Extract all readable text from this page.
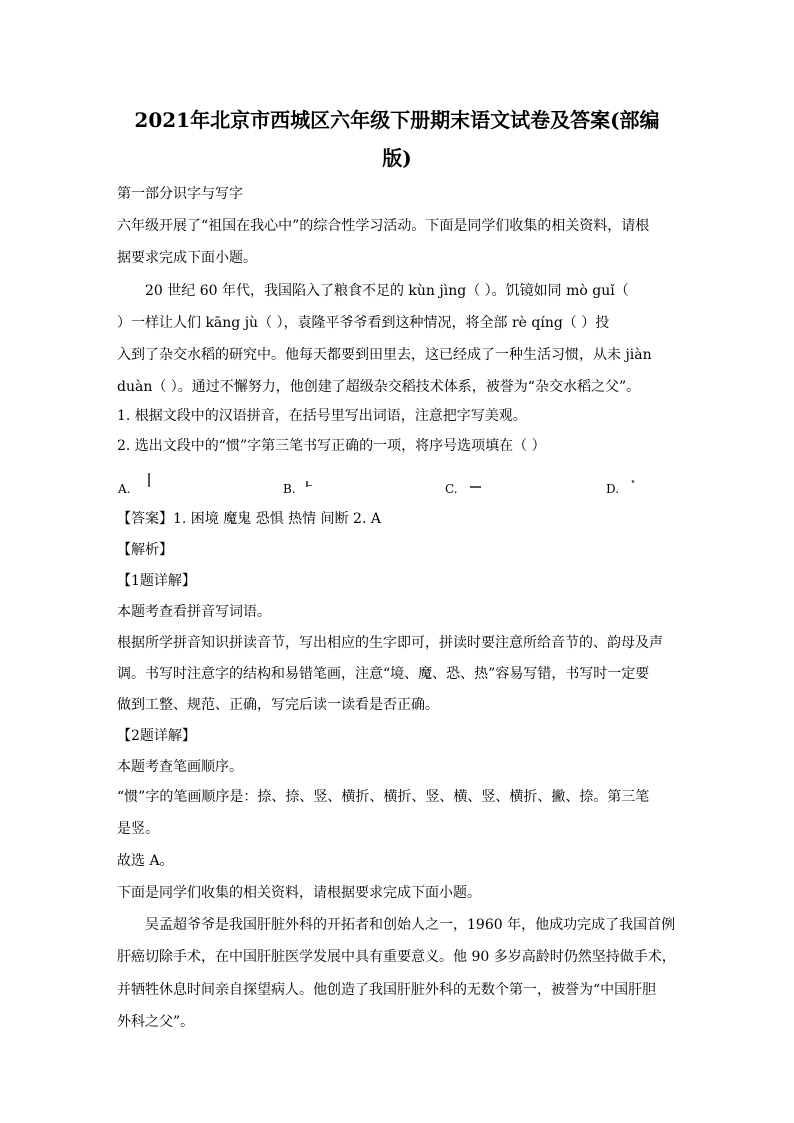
2021年北京市西城区六年级下册期末语文试卷及答案(部编
版)
第一部分识字与写字
六年级开展了“祖国在我心中”的综合性学习活动。下面是同学们收集的相关资料，请根
据要求完成下面小题。
20 世纪 60 年代，我国陷入了粮食不足的 kùn jìng（ ）。饥镜如同 mò guǐ（
）一样让人们 kāng jù（ ），袁隆平爷爷看到这种情况，将全部 rè qíng（ ）投
入到了杂交水稻的研究中。他每天都要到田里去，这已经成了一种生活习惯，从未 jiàn
duàn（ ）。通过不懈努力，他创建了超级杂交稻技术体系，被誉为“杂交水稻之父”。
1. 根据文段中的汉语拼音，在括号里写出词语，注意把字写美观。
2. 选出文段中的“惯”字第三笔书写正确的一项，将序号选项填在（ ）
A.	B.	C.	D.
【答案】1. 困境 魔鬼 恐惧 热情 间断 2. A
【解析】
【1题详解】
本题考查看拼音写词语。
根据所学拼音知识拼读音节，写出相应的生字即可，拼读时要注意所给音节的、韵母及声
调。书写时注意字的结构和易错笔画，注意“境、魔、恐、热”容易写错，书写时一定要
做到工整、规范、正确，写完后读一读看是否正确。
【2题详解】
本题考查笔画顺序。
“惯”字的笔画顺序是：捺、捺、竖、横折、横折、竖、横、竖、横折、撇、捺。第三笔
是竖。
故选 A。
下面是同学们收集的相关资料，请根据要求完成下面小题。
吴孟超爷爷是我国肝脏外科的开拓者和创始人之一，1960 年，他成功完成了我国首例
肝癌切除手术，在中国肝脏医学发展中具有重要意义。他 90 多岁高龄时仍然坚持做手术，
并牺牲休息时间亲自探望病人。他创造了我国肝脏外科的无数个第一，被誉为“中国肝胆
外科之父”。
